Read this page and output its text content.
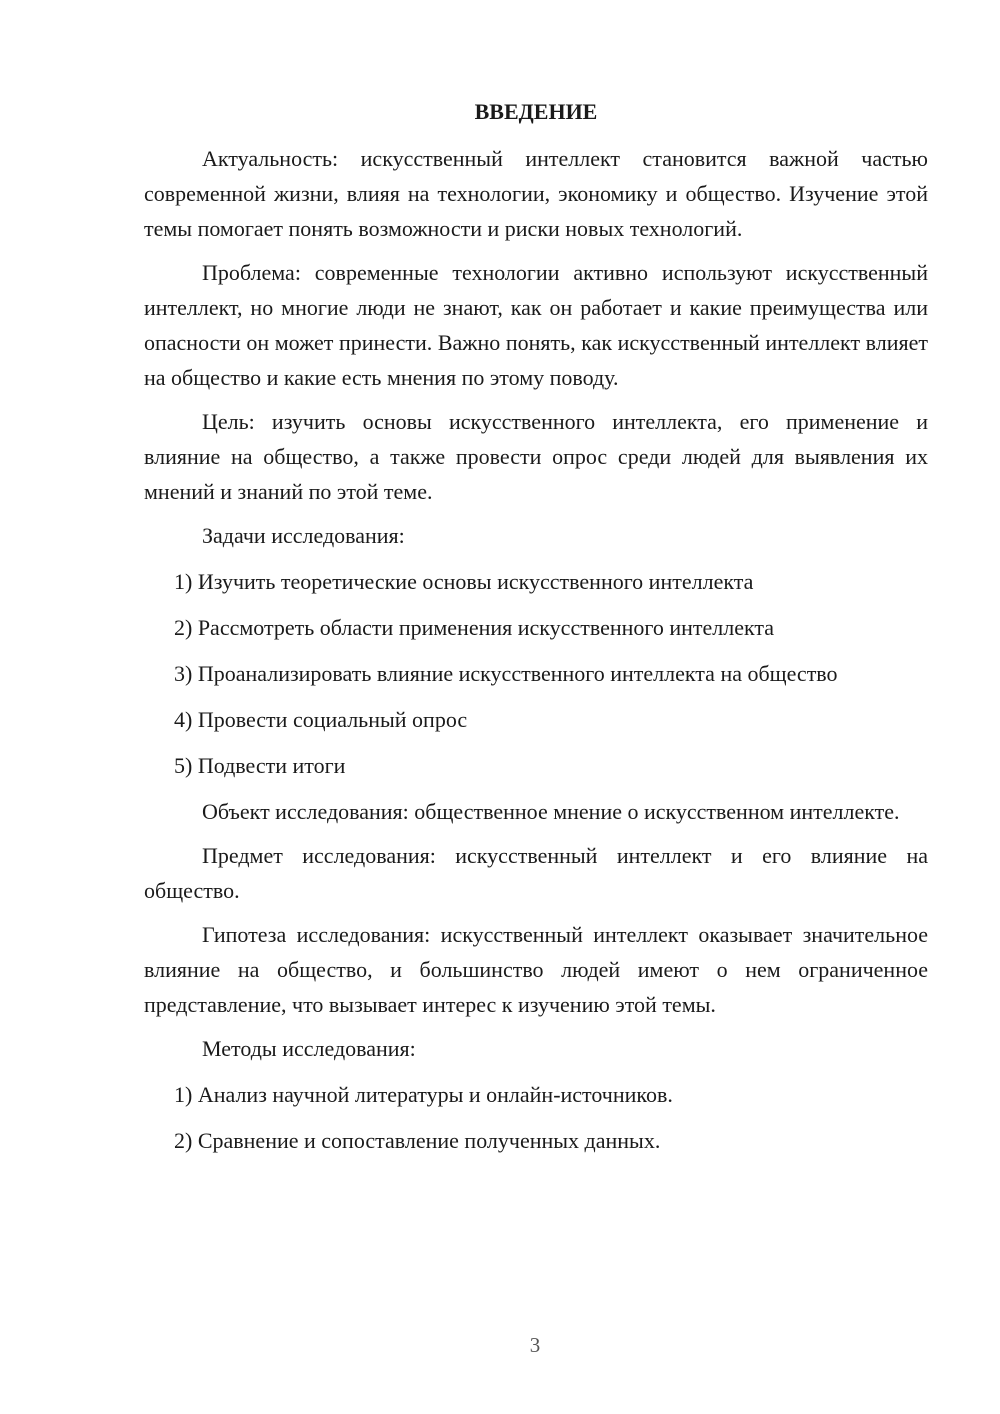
ВВЕДЕНИЕ

Актуальность: искусственный интеллект становится важной частью современной жизни, влияя на технологии, экономику и общество. Изучение этой темы помогает понять возможности и риски новых технологий.

Проблема: современные технологии активно используют искусственный интеллект, но многие люди не знают, как он работает и какие преимущества или опасности он может принести. Важно понять, как искусственный интеллект влияет на общество и какие есть мнения по этому поводу.

Цель: изучить основы искусственного интеллекта, его применение и влияние на общество, а также провести опрос среди людей для выявления их мнений и знаний по этой теме.

Задачи исследования:
1) Изучить теоретические основы искусственного интеллекта
2) Рассмотреть области применения искусственного интеллекта
3) Проанализировать влияние искусственного интеллекта на общество
4) Провести социальный опрос
5) Подвести итоги

Объект исследования: общественное мнение о искусственном интеллекте.

Предмет исследования: искусственный интеллект и его влияние на общество.

Гипотеза исследования: искусственный интеллект оказывает значительное влияние на общество, и большинство людей имеют о нем ограниченное представление, что вызывает интерес к изучению этой темы.

Методы исследования:
1) Анализ научной литературы и онлайн-источников.
2) Сравнение и сопоставление полученных данных.
3
